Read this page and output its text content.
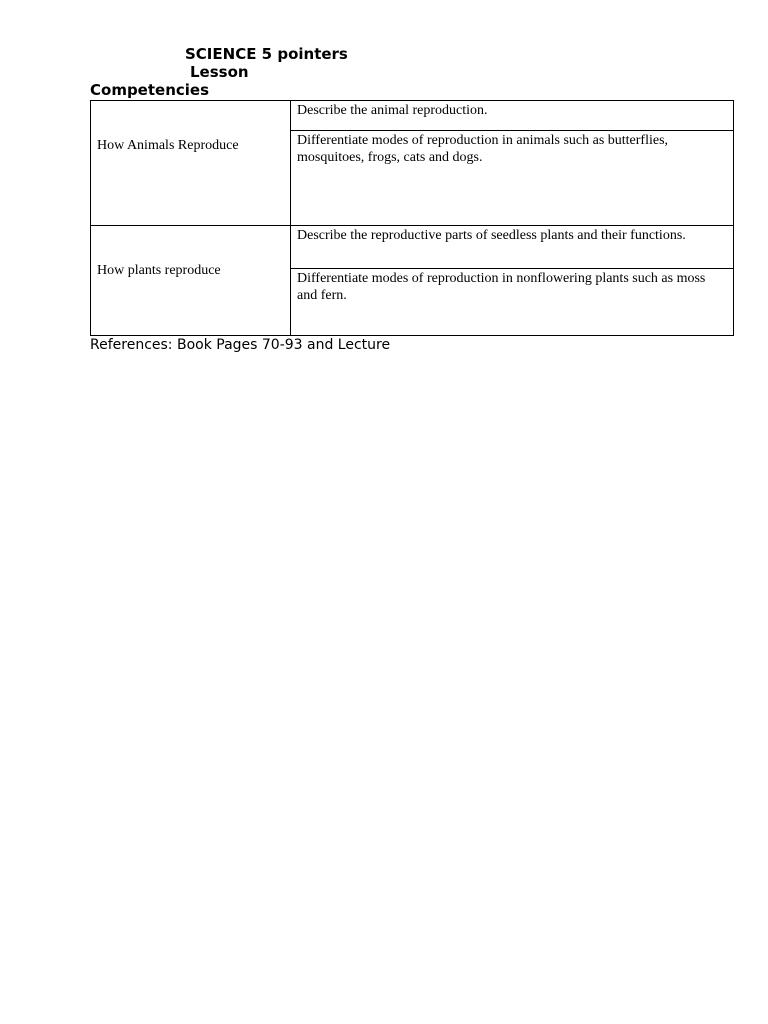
SCIENCE 5 pointers
Lesson
Competencies
How Animals Reproduce	Describe the animal reproduction.
	Differentiate modes of reproduction in animals such as butterflies, mosquitoes, frogs, cats and dogs.
How plants reproduce	Describe the reproductive parts of seedless plants and their functions.
	Differentiate modes of reproduction in nonflowering plants such as moss and fern.
References: Book Pages 70-93 and Lecture
